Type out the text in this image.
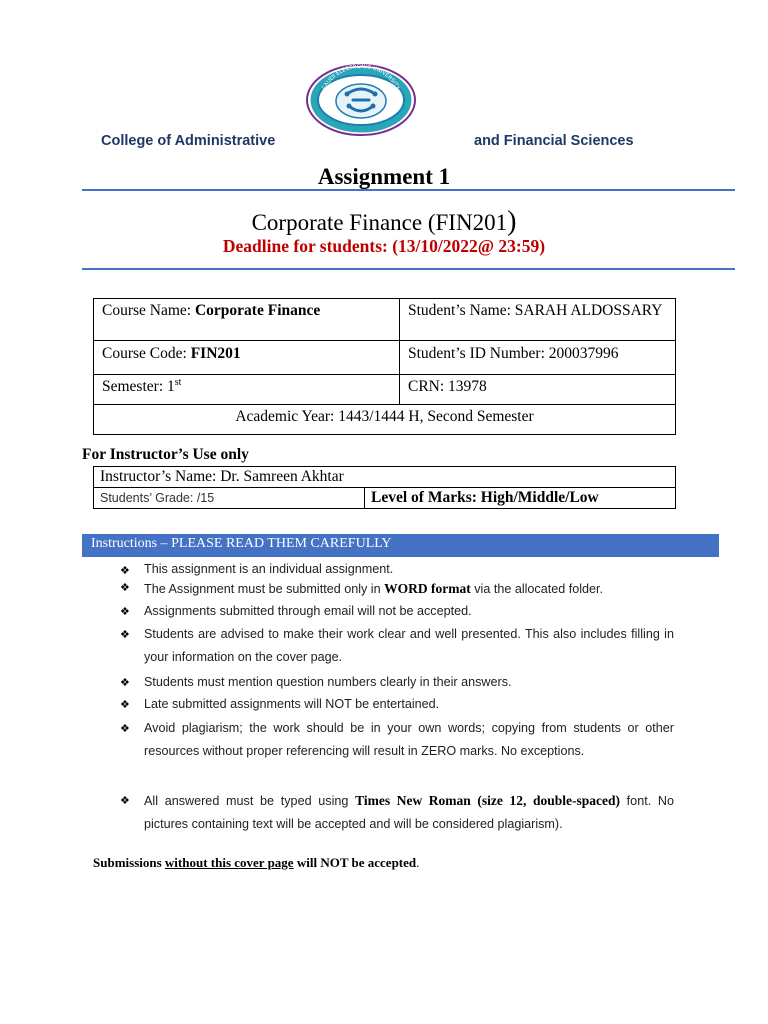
SAUDI ELECTRONIC UNIVERSITY
College of Administrative	and Financial Sciences
Assignment 1
Corporate Finance (FIN201)
Deadline for students: (13/10/2022@ 23:59)
Course Name: Corporate Finance	Student’s Name: SARAH ALDOSSARY
Course Code: FIN201	Student’s ID Number: 200037996
Semester: 1st	CRN: 13978
Academic Year: 1443/1444 H, Second Semester	
For Instructor’s Use only
Instructor’s Name: Dr. Samreen Akhtar
Students’ Grade: /15	Level of Marks: High/Middle/Low
Instructions – PLEASE READ THEM CAREFULLY
❖ This assignment is an individual assignment.
❖ The Assignment must be submitted only in WORD format via the allocated folder.
❖ Assignments submitted through email will not be accepted.
❖ Students are advised to make their work clear and well presented. This also includes filling in your information on the cover page.
❖ Students must mention question numbers clearly in their answers.
❖ Late submitted assignments will NOT be entertained.
❖ Avoid plagiarism; the work should be in your own words; copying from students or other resources without proper referencing will result in ZERO marks. No exceptions.
❖ All answered must be typed using Times New Roman (size 12, double-spaced) font. No pictures containing text will be accepted and will be considered plagiarism).
Submissions without this cover page will NOT be accepted.
